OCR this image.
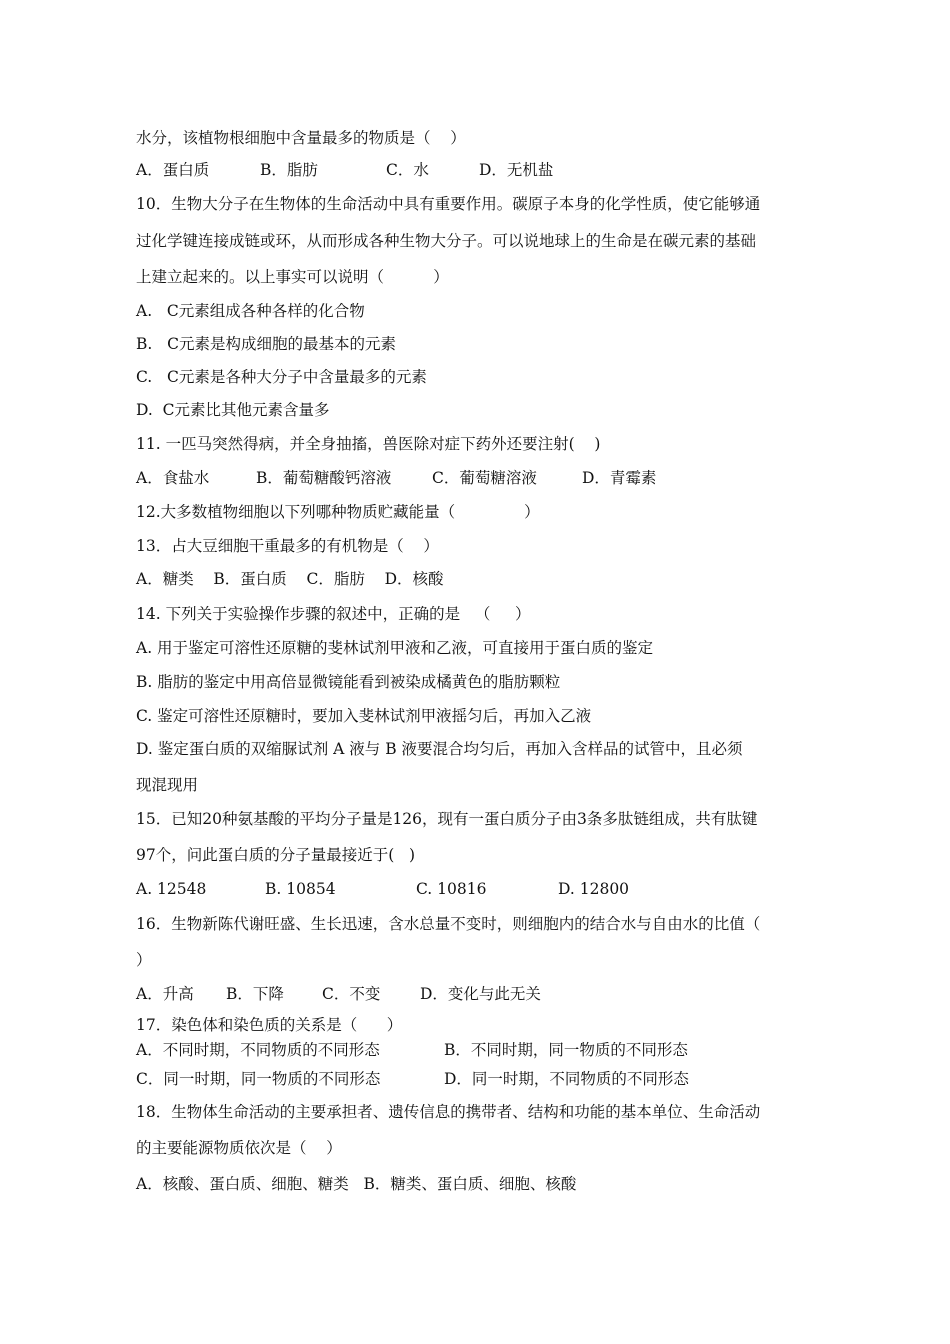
水分，该植物根细胞中含量最多的物质是（    ）
A．蛋白质	B．脂肪	C．水	D．无机盐
10．生物大分子在生物体的生命活动中具有重要作用。碳原子本身的化学性质，使它能够通
过化学键连接成链或环，从而形成各种生物大分子。可以说地球上的生命是在碳元素的基础
上建立起来的。以上事实可以说明（          ）
A.   C元素组成各种各样的化合物
B.   C元素是构成细胞的最基本的元素
C.   C元素是各种大分子中含量最多的元素
D.  C元素比其他元素含量多
11. 一匹马突然得病，并全身抽搐，兽医除对症下药外还要注射(    )
A．食盐水	B．葡萄糖酸钙溶液	C．葡萄糖溶液	D．青霉素
12.大多数植物细胞以下列哪种物质贮藏能量（              ）
13．占大豆细胞干重最多的有机物是（    ）
A．糖类    B．蛋白质    C．脂肪    D．核酸
14. 下列关于实验操作步骤的叙述中，正确的是   （     ）
A. 用于鉴定可溶性还原糖的斐林试剂甲液和乙液，可直接用于蛋白质的鉴定
B. 脂肪的鉴定中用高倍显微镜能看到被染成橘黄色的脂肪颗粒
C. 鉴定可溶性还原糖时，要加入斐林试剂甲液摇匀后，再加入乙液
D. 鉴定蛋白质的双缩脲试剂 A 液与 B 液要混合均匀后，再加入含样品的试管中，且必须
现混现用
15．已知20种氨基酸的平均分子量是126，现有一蛋白质分子由3条多肽链组成，共有肽键
97个，问此蛋白质的分子量最接近于(   )
A. 12548	B. 10854	C. 10816	D. 12800
16．生物新陈代谢旺盛、生长迅速，含水总量不变时，则细胞内的结合水与自由水的比值（
）
A．升高 B．下降 C．不变	D．变化与此无关
17．染色体和染色质的关系是（      ）
A．不同时期，不同物质的不同形态	B．不同时期，同一物质的不同形态
C．同一时期，同一物质的不同形态	D．同一时期，不同物质的不同形态
18．生物体生命活动的主要承担者、遗传信息的携带者、结构和功能的基本单位、生命活动
的主要能源物质依次是（    ）
A．核酸、蛋白质、细胞、糖类   B．糖类、蛋白质、细胞、核酸
